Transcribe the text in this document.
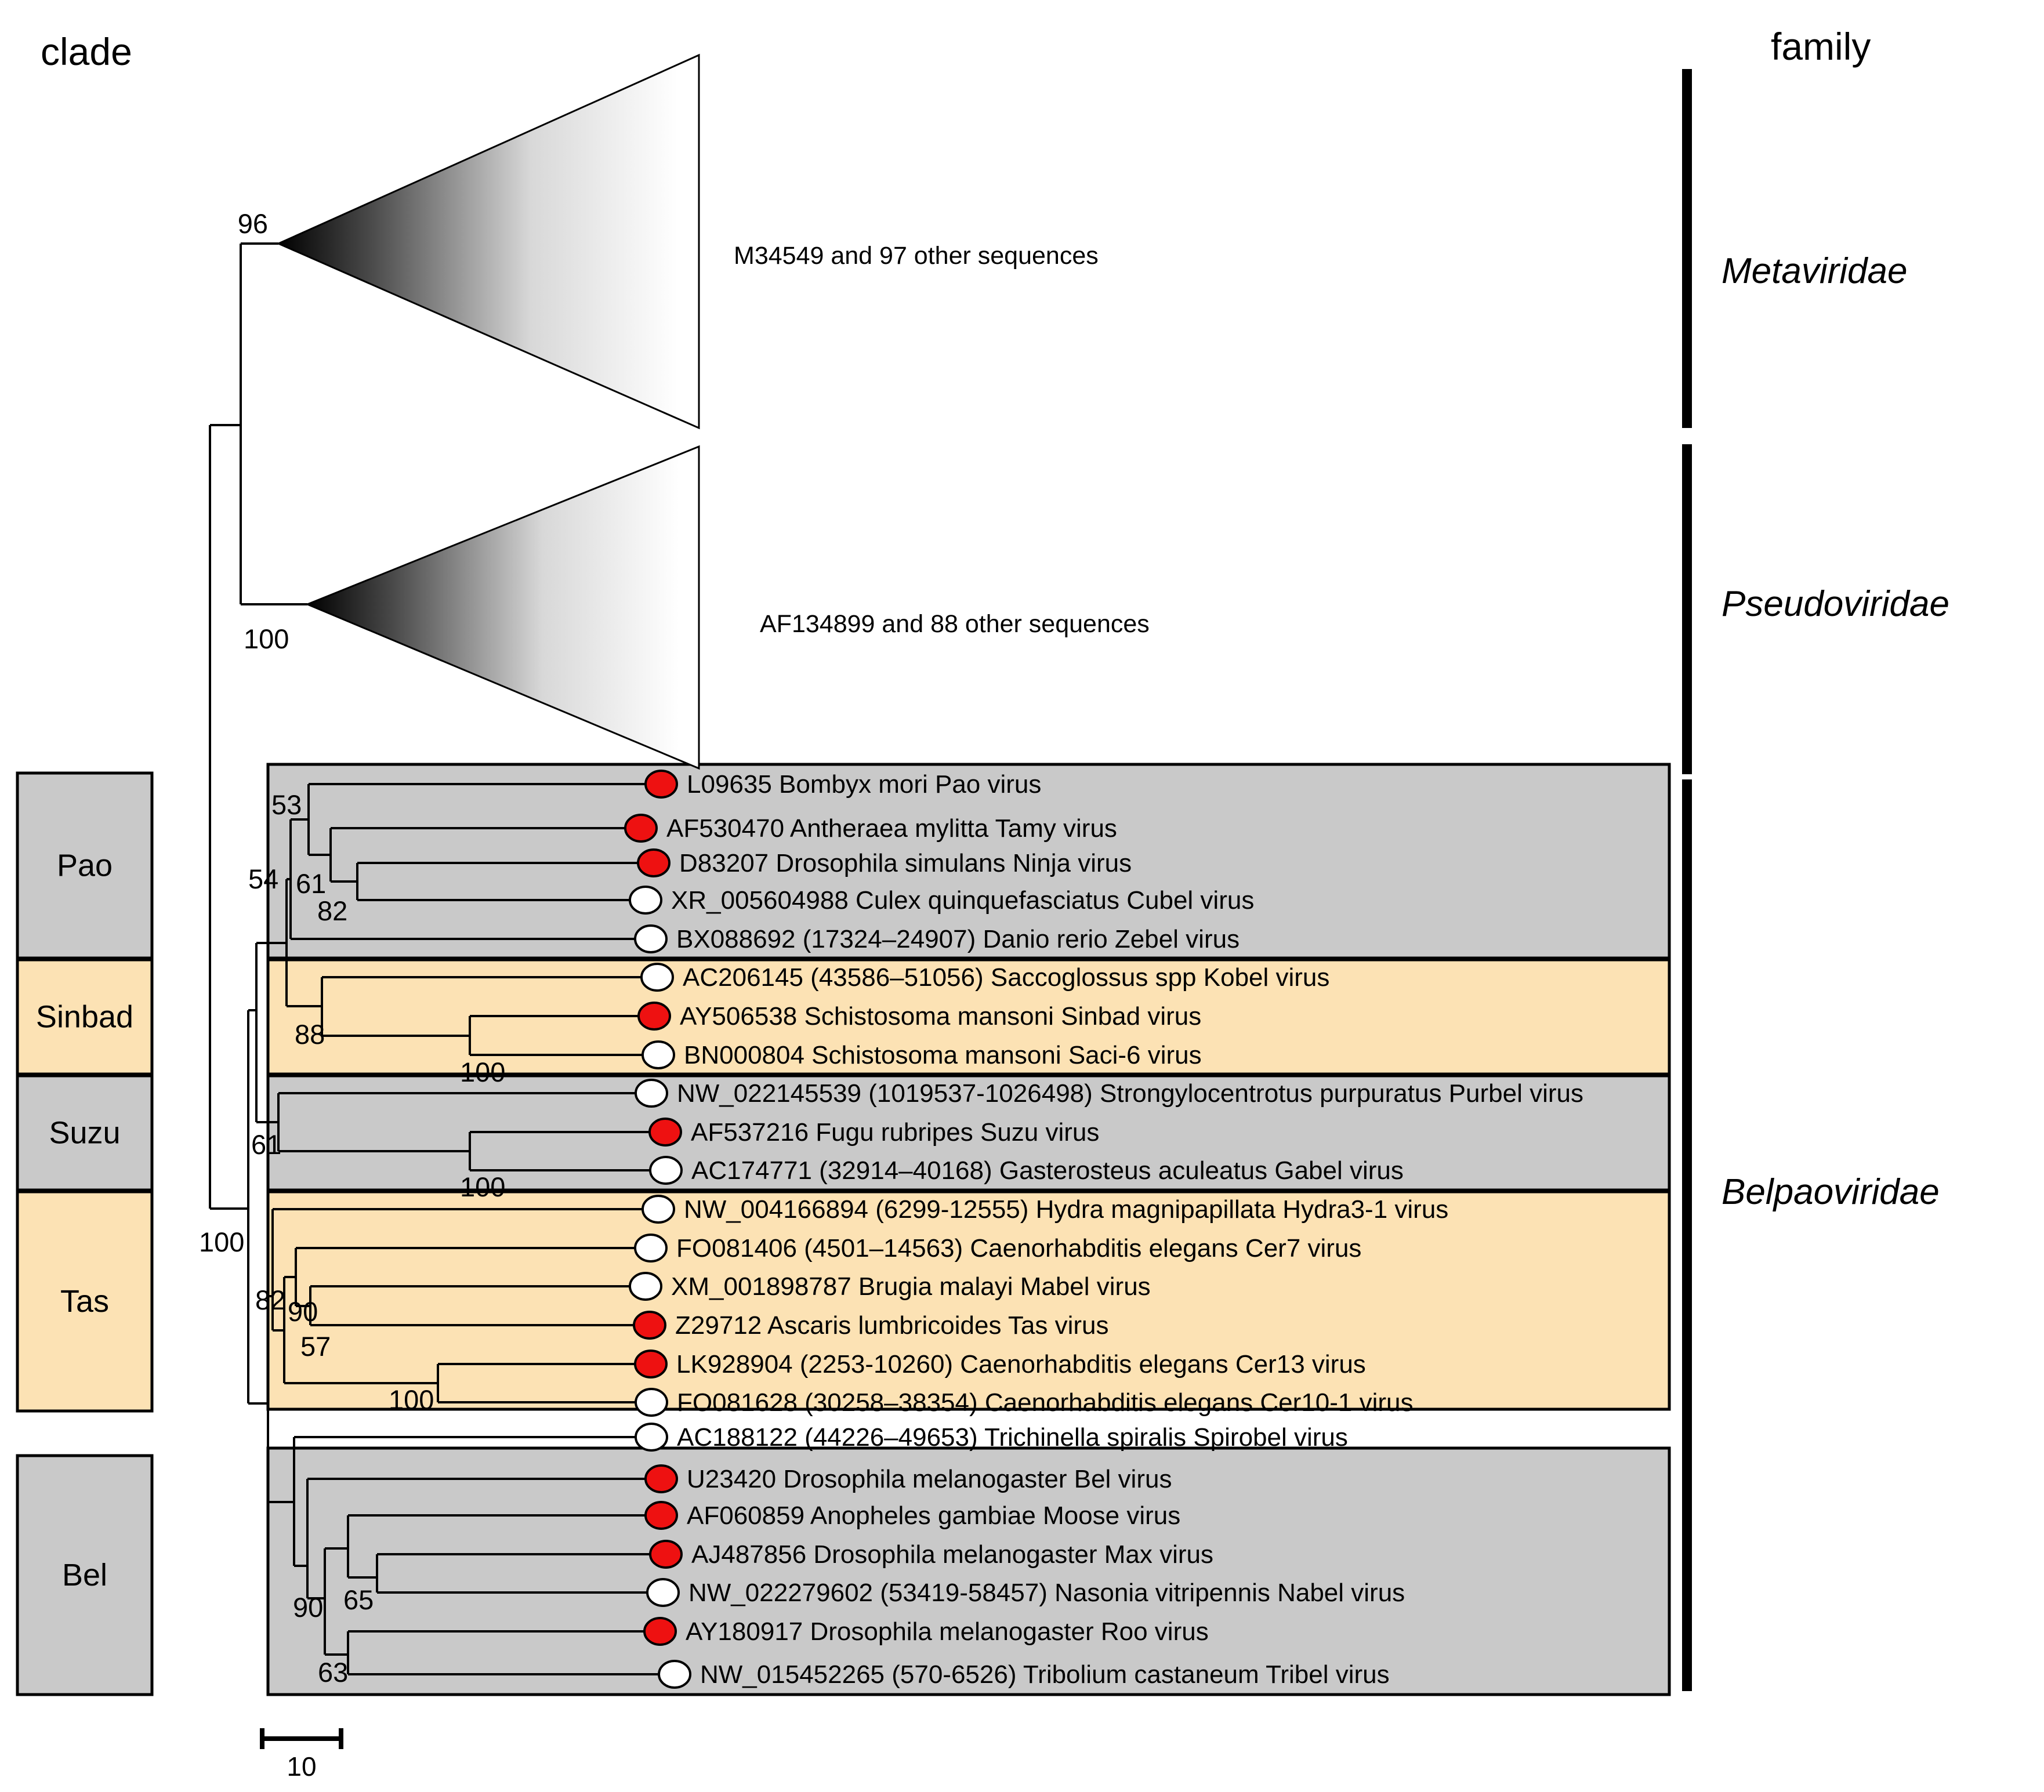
Pao
Sinbad
Suzu
Tas
Bel
Metaviridae
Pseudoviridae
Belpaoviridae
clade	family
M34549 and 97 other sequences
96
AF134899 and 88 other sequences
100
L09635 Bombyx mori Pao virus
AF530470 Antheraea mylitta Tamy virus
D83207 Drosophila simulans Ninja virus
XR_005604988 Culex quinquefasciatus Cubel virus
BX088692 (17324–24907) Danio rerio Zebel virus
AC206145 (43586–51056) Saccoglossus spp Kobel virus
AY506538 Schistosoma mansoni Sinbad virus
BN000804 Schistosoma mansoni Saci-6 virus
NW_022145539 (1019537-1026498) Strongylocentrotus purpuratus Purbel virus
AF537216 Fugu rubripes Suzu virus
AC174771 (32914–40168) Gasterosteus aculeatus Gabel virus
NW_004166894 (6299-12555) Hydra magnipapillata Hydra3-1 virus
FO081406 (4501–14563) Caenorhabditis elegans Cer7 virus
XM_001898787 Brugia malayi Mabel virus
Z29712 Ascaris lumbricoides Tas virus
LK928904 (2253-10260) Caenorhabditis elegans Cer13 virus
FO081628 (30258–38354) Caenorhabditis elegans Cer10-1 virus
AC188122 (44226–49653) Trichinella spiralis Spirobel virus
U23420 Drosophila melanogaster Bel virus
AF060859 Anopheles gambiae Moose virus
AJ487856 Drosophila melanogaster Max virus
NW_022279602 (53419-58457) Nasonia vitripennis Nabel virus
AY180917 Drosophila melanogaster Roo virus
NW_015452265 (570-6526) Tribolium castaneum Tribel virus
53
54 61
82
88
100
61
100
100
82 90
57
100
90 65
63
10
